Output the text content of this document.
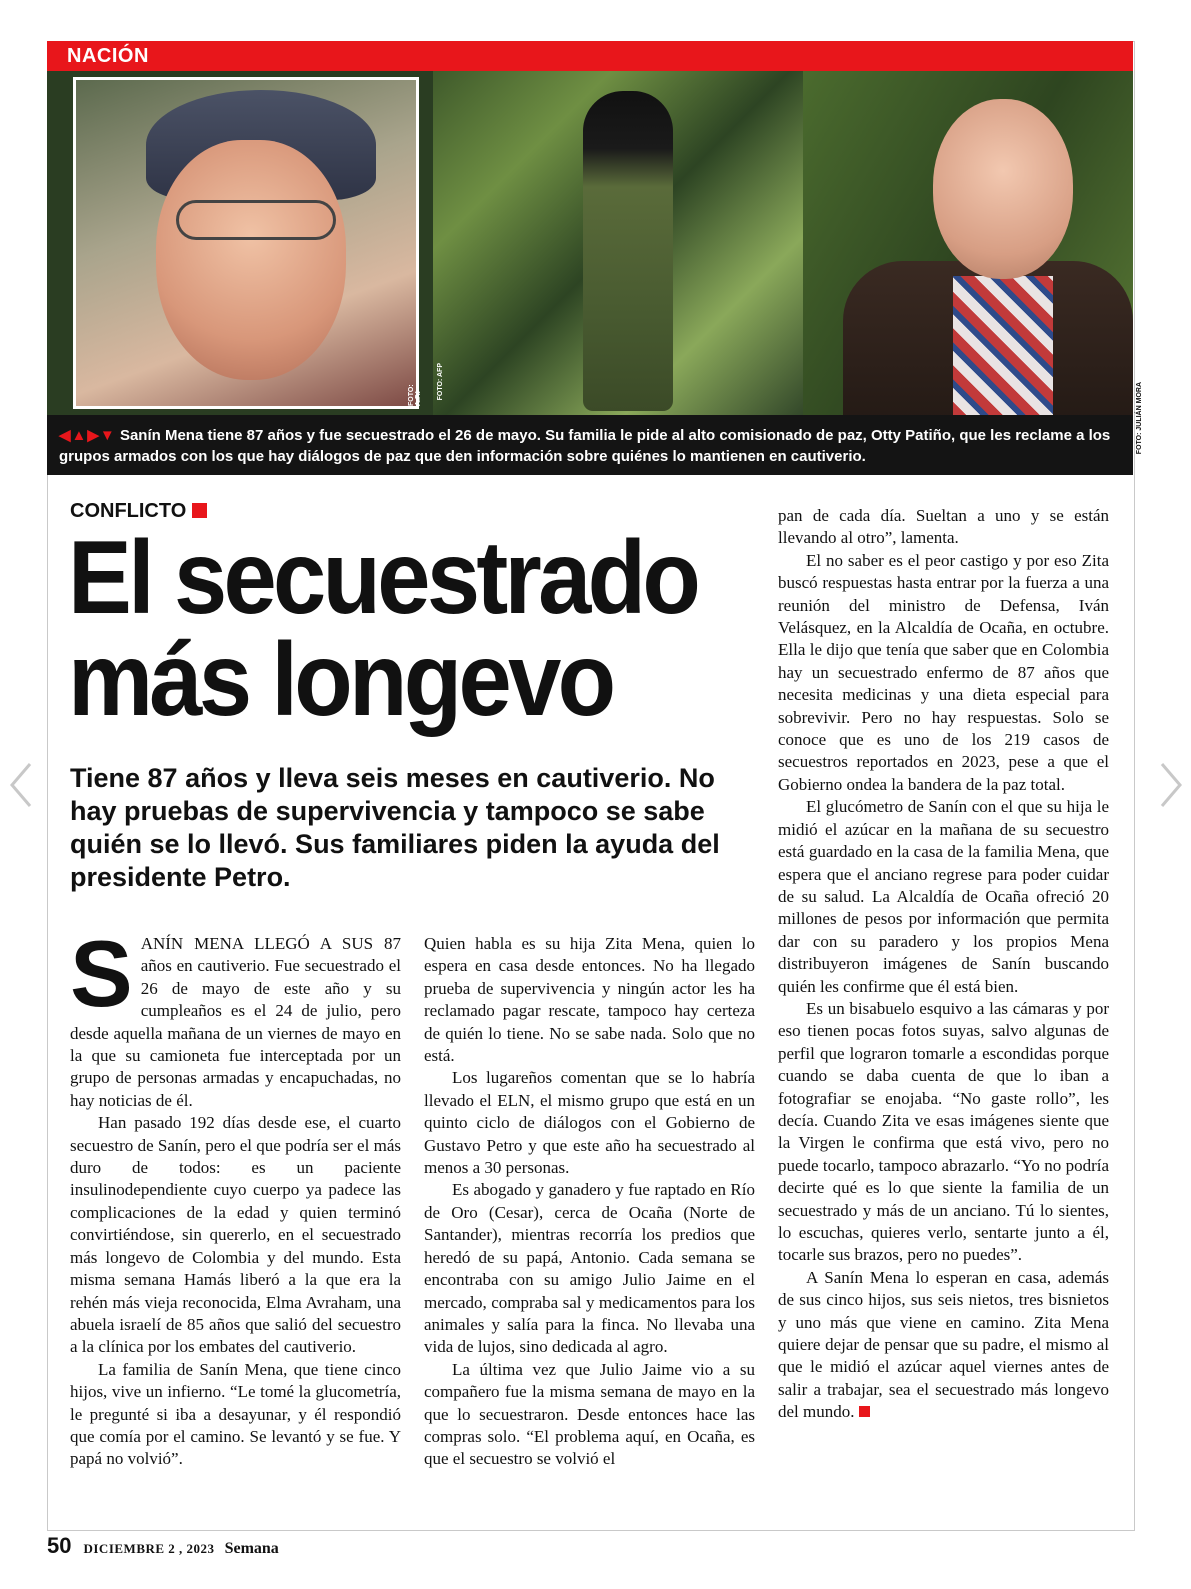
NACIÓN
FOTO: A.P.I FOTO: AFP
FOTO: JULIÁN MORA

◀▲▶▼ Sanín Mena tiene 87 años y fue secuestrado el 26 de mayo. Su familia le pide al alto comisionado de paz, Otty Patiño, que les reclame a los grupos armados con los que hay diálogos de paz que den información sobre quiénes lo mantienen en cautiverio.

CONFLICTO
El secuestrado
más longevo
Tiene 87 años y lleva seis meses en cautiverio. No hay pruebas de supervivencia y tampoco se sabe quién se lo llevó. Sus familiares piden la ayuda del presidente Petro.

SANÍN MENA LLEGÓ A SUS 87 años en cautiverio. Fue secuestrado el 26 de mayo de este año y su cumpleaños es el 24 de julio, pero desde aquella mañana de un viernes de mayo en la que su camioneta fue interceptada por un grupo de personas armadas y encapuchadas, no hay noticias de él.

Han pasado 192 días desde ese, el cuarto secuestro de Sanín, pero el que podría ser el más duro de todos: es un paciente insulinodependiente cuyo cuerpo ya padece las complicaciones de la edad y quien terminó convirtiéndose, sin quererlo, en el secuestrado más longevo de Colombia y del mundo. Esta misma semana Hamás liberó a la que era la rehén más vieja reconocida, Elma Avraham, una abuela israelí de 85 años que salió del secuestro a la clínica por los embates del cautiverio.

La familia de Sanín Mena, que tiene cinco hijos, vive un infierno. “Le tomé la glucometría, le pregunté si iba a desayunar, y él respondió que comía por el camino. Se levantó y se fue. Y papá no volvió”.

Quien habla es su hija Zita Mena, quien lo espera en casa desde entonces. No ha llegado prueba de supervivencia y ningún actor les ha reclamado pagar rescate, tampoco hay certeza de quién lo tiene. No se sabe nada. Solo que no está.

Los lugareños comentan que se lo habría llevado el ELN, el mismo grupo que está en un quinto ciclo de diálogos con el Gobierno de Gustavo Petro y que este año ha secuestrado al menos a 30 personas.

Es abogado y ganadero y fue raptado en Río de Oro (Cesar), cerca de Ocaña (Norte de Santander), mientras recorría los predios que heredó de su papá, Antonio. Cada semana se encontraba con su amigo Julio Jaime en el mercado, compraba sal y medicamentos para los animales y salía para la finca. No llevaba una vida de lujos, sino dedicada al agro.

La última vez que Julio Jaime vio a su compañero fue la misma semana de mayo en la que lo secuestraron. Desde entonces hace las compras solo. “El problema aquí, en Ocaña, es que el secuestro se volvió el

pan de cada día. Sueltan a uno y se están llevando al otro”, lamenta.

El no saber es el peor castigo y por eso Zita buscó respuestas hasta entrar por la fuerza a una reunión del ministro de Defensa, Iván Velásquez, en la Alcaldía de Ocaña, en octubre. Ella le dijo que tenía que saber que en Colombia hay un secuestrado enfermo de 87 años que necesita medicinas y una dieta especial para sobrevivir. Pero no hay respuestas. Solo se conoce que es uno de los 219 casos de secuestros reportados en 2023, pese a que el Gobierno ondea la bandera de la paz total.

El glucómetro de Sanín con el que su hija le midió el azúcar en la mañana de su secuestro está guardado en la casa de la familia Mena, que espera que el anciano regrese para poder cuidar de su salud. La Alcaldía de Ocaña ofreció 20 millones de pesos por información que permita dar con su paradero y los propios Mena distribuyeron imágenes de Sanín buscando quién les confirme que él está bien.

Es un bisabuelo esquivo a las cámaras y por eso tienen pocas fotos suyas, salvo algunas de perfil que lograron tomarle a escondidas porque cuando se daba cuenta de que lo iban a fotografiar se enojaba. “No gaste rollo”, les decía. Cuando Zita ve esas imágenes siente que la Virgen le confirma que está vivo, pero no puede tocarlo, tampoco abrazarlo. “Yo no podría decirte qué es lo que siente la familia de un secuestrado y más de un anciano. Tú lo sientes, lo escuchas, quieres verlo, sentarte junto a él, tocarle sus brazos, pero no puedes”.

A Sanín Mena lo esperan en casa, además de sus cinco hijos, sus seis nietos, tres bisnietos y uno más que viene en camino. Zita Mena quiere dejar de pensar que su padre, el mismo al que le midió el azúcar aquel viernes antes de salir a trabajar, sea el secuestrado más longevo del mundo.

50 DICIEMBRE 2 , 2023 Semana
